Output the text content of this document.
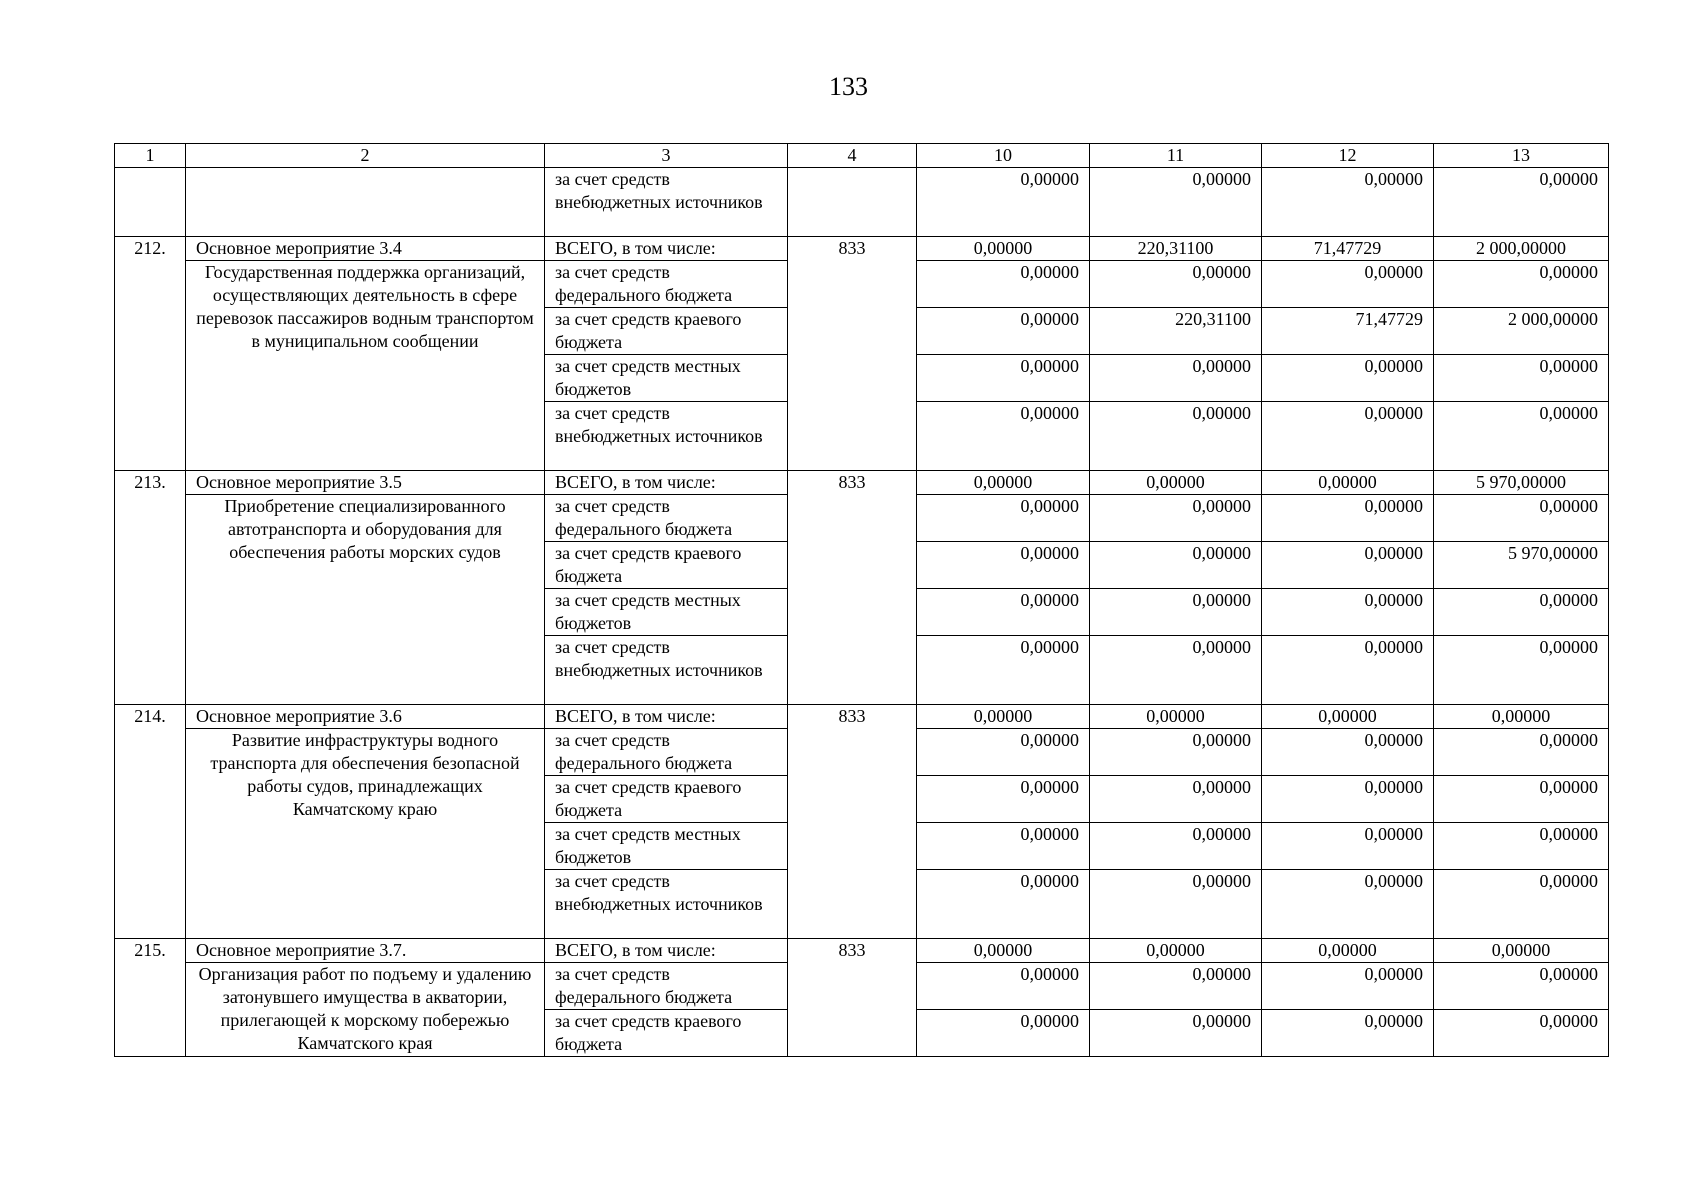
133
1	2	3	4	10	11	12	13
		за счет средств внебюджетных источников		0,00000	0,00000	0,00000	0,00000
212.	Основное мероприятие 3.4	ВСЕГО, в том числе:	833	0,00000	220,31100	71,47729	2 000,00000
	Государственная поддержка организаций, осуществляющих деятельность в сфере перевозок пассажиров водным транспортом в муниципальном сообщении	за счет средств федерального бюджета		0,00000	0,00000	0,00000	0,00000
		за счет средств краевого бюджета		0,00000	220,31100	71,47729	2 000,00000
		за счет средств местных бюджетов		0,00000	0,00000	0,00000	0,00000
		за счет средств внебюджетных источников		0,00000	0,00000	0,00000	0,00000
213.	Основное мероприятие 3.5	ВСЕГО, в том числе:	833	0,00000	0,00000	0,00000	5 970,00000
	Приобретение специализированного автотранспорта и оборудования для обеспечения работы морских судов	за счет средств федерального бюджета		0,00000	0,00000	0,00000	0,00000
		за счет средств краевого бюджета		0,00000	0,00000	0,00000	5 970,00000
		за счет средств местных бюджетов		0,00000	0,00000	0,00000	0,00000
		за счет средств внебюджетных источников		0,00000	0,00000	0,00000	0,00000
214.	Основное мероприятие 3.6	ВСЕГО, в том числе:	833	0,00000	0,00000	0,00000	0,00000
	Развитие инфраструктуры водного транспорта для обеспечения безопасной работы судов, принадлежащих Камчатскому краю	за счет средств федерального бюджета		0,00000	0,00000	0,00000	0,00000
		за счет средств краевого бюджета		0,00000	0,00000	0,00000	0,00000
		за счет средств местных бюджетов		0,00000	0,00000	0,00000	0,00000
		за счет средств внебюджетных источников		0,00000	0,00000	0,00000	0,00000
215.	Основное мероприятие 3.7.	ВСЕГО, в том числе:	833	0,00000	0,00000	0,00000	0,00000
	Организация работ по подъему и удалению затонувшего имущества в акватории, прилегающей к морскому побережью Камчатского края	за счет средств федерального бюджета		0,00000	0,00000	0,00000	0,00000
		за счет средств краевого бюджета		0,00000	0,00000	0,00000	0,00000
